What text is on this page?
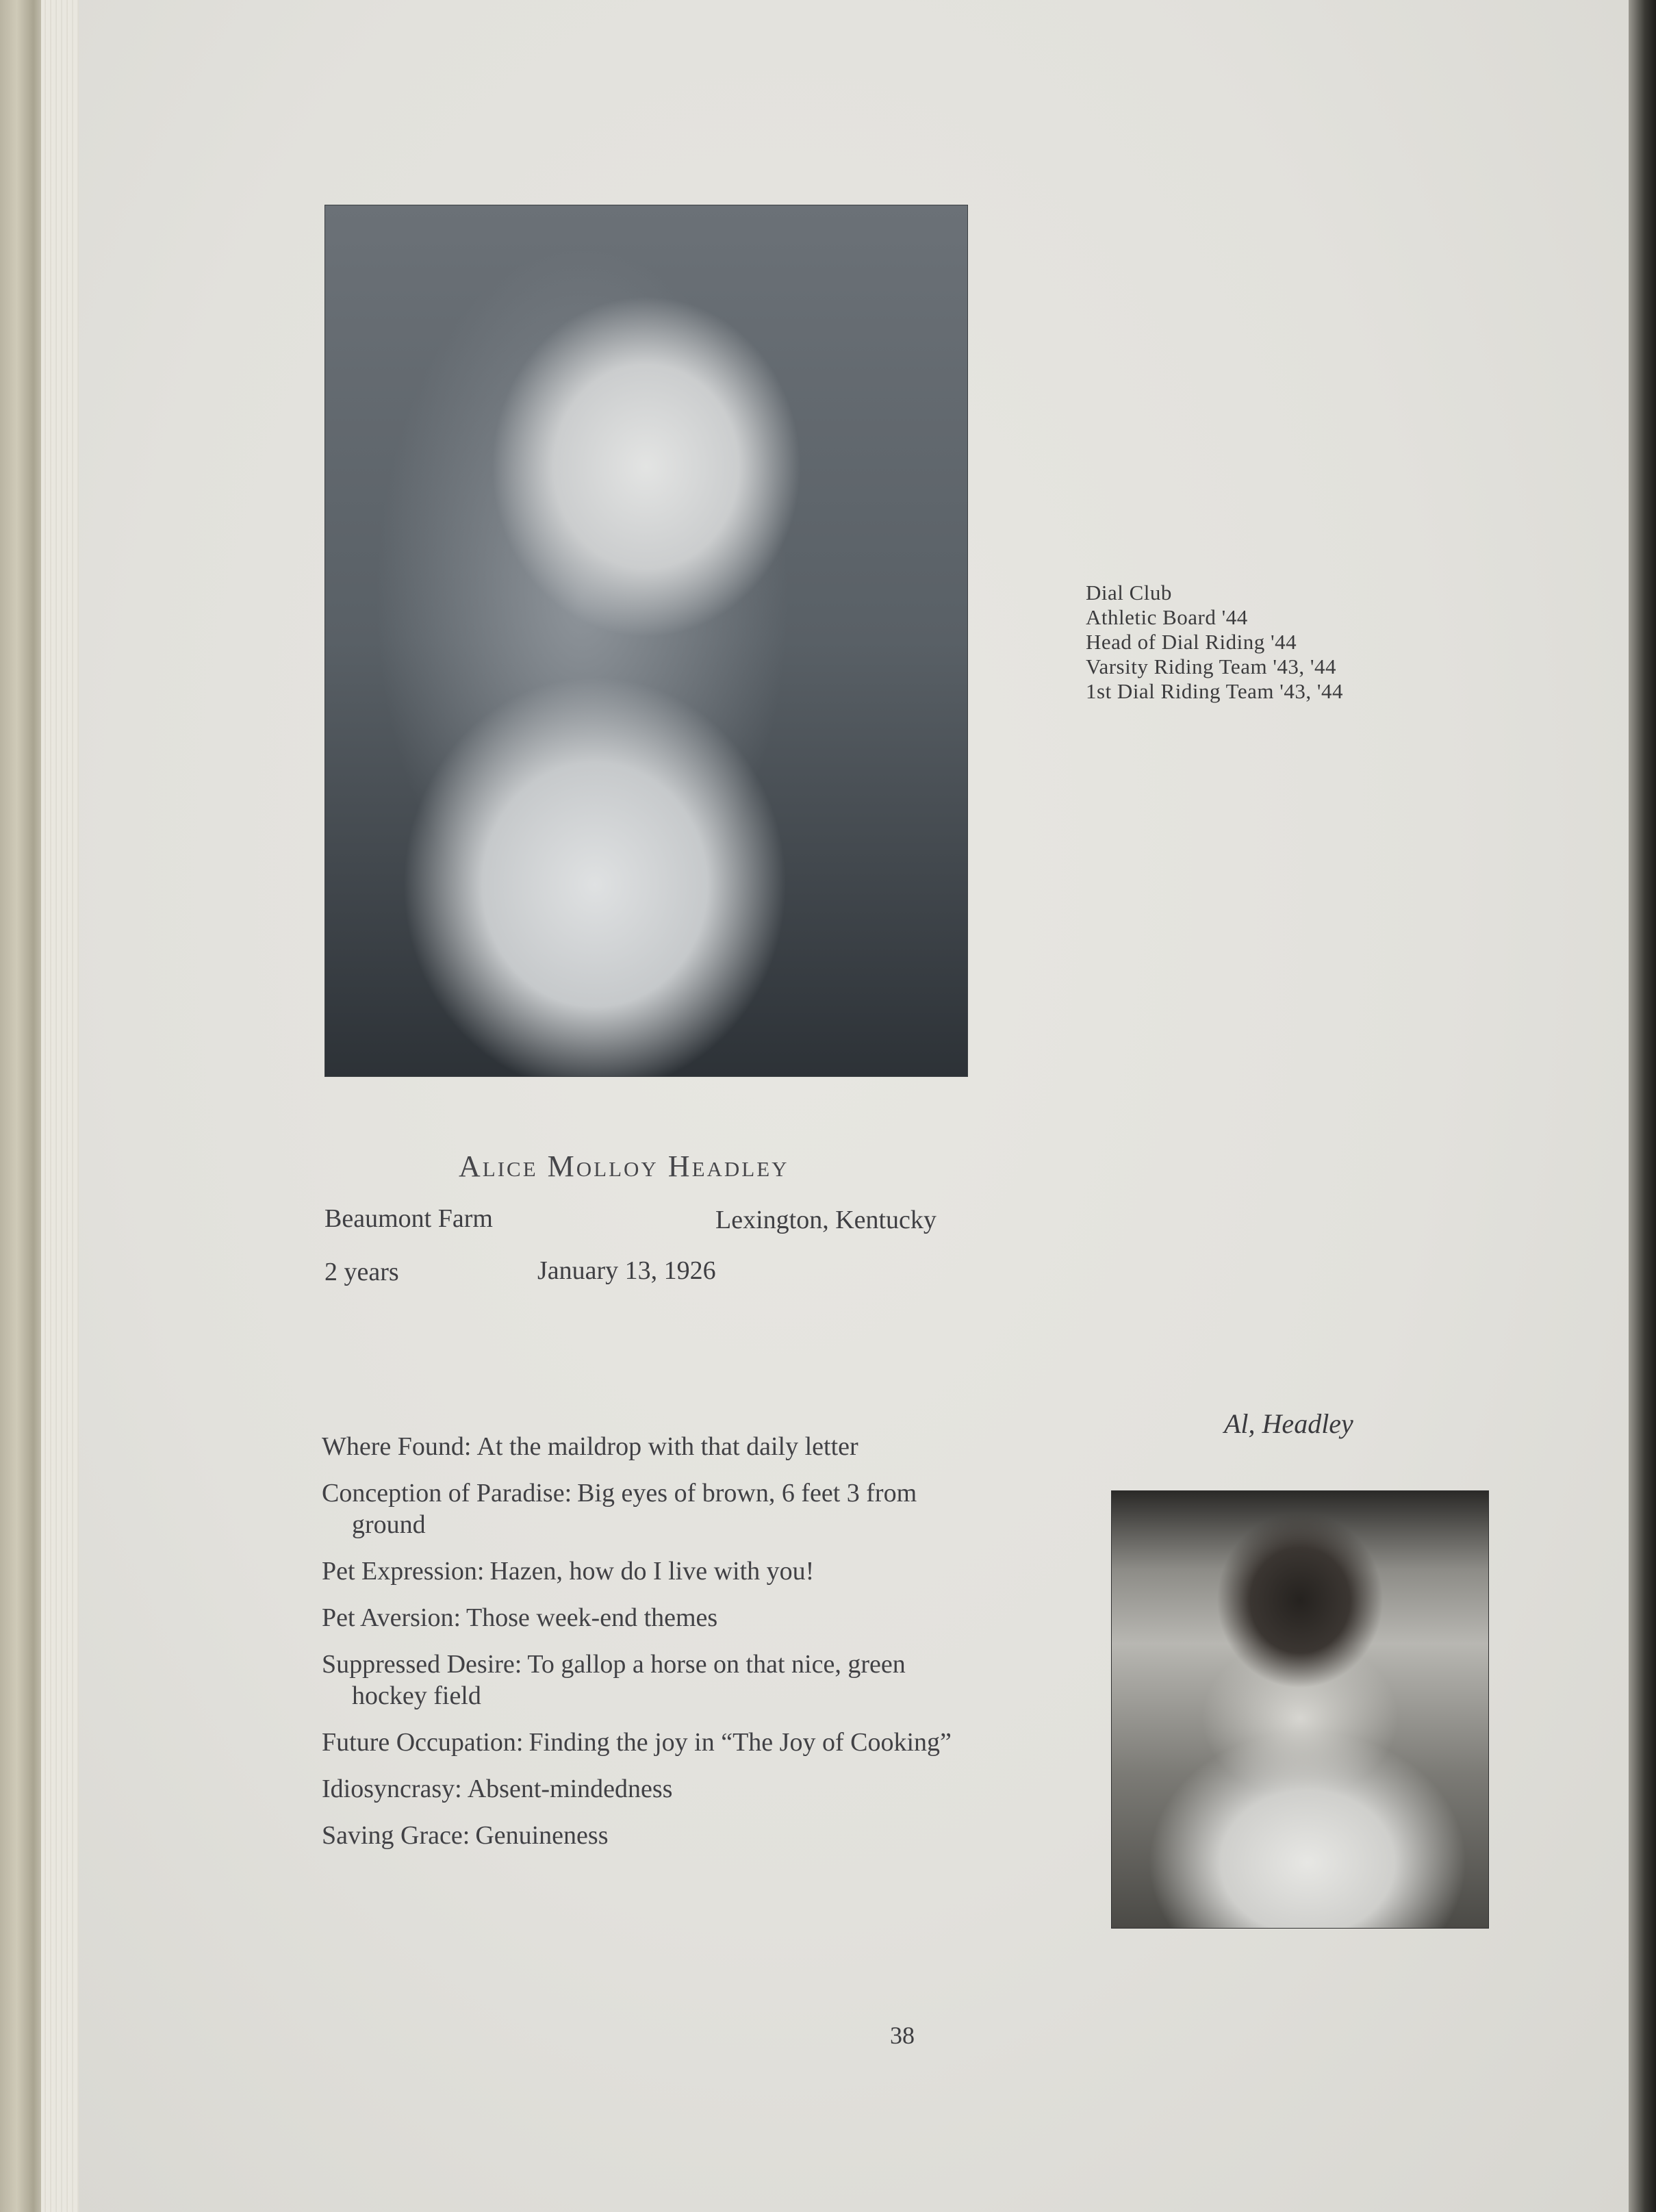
Dial Club
Athletic Board '44
Head of Dial Riding '44
Varsity Riding Team '43, '44
1st Dial Riding Team '43, '44
Alice Molloy Headley
Beaumont Farm	Lexington, Kentucky
2 years	January 13, 1926
Al, Headley
Where Found: At the maildrop with that daily letter
Conception of Paradise: Big eyes of brown, 6 feet 3 from ground
Pet Expression: Hazen, how do I live with you!
Pet Aversion: Those week-end themes
Suppressed Desire: To gallop a horse on that nice, green hockey field
Future Occupation: Finding the joy in “The Joy of Cooking”
Idiosyncrasy: Absent-mindedness
Saving Grace: Genuineness
38
